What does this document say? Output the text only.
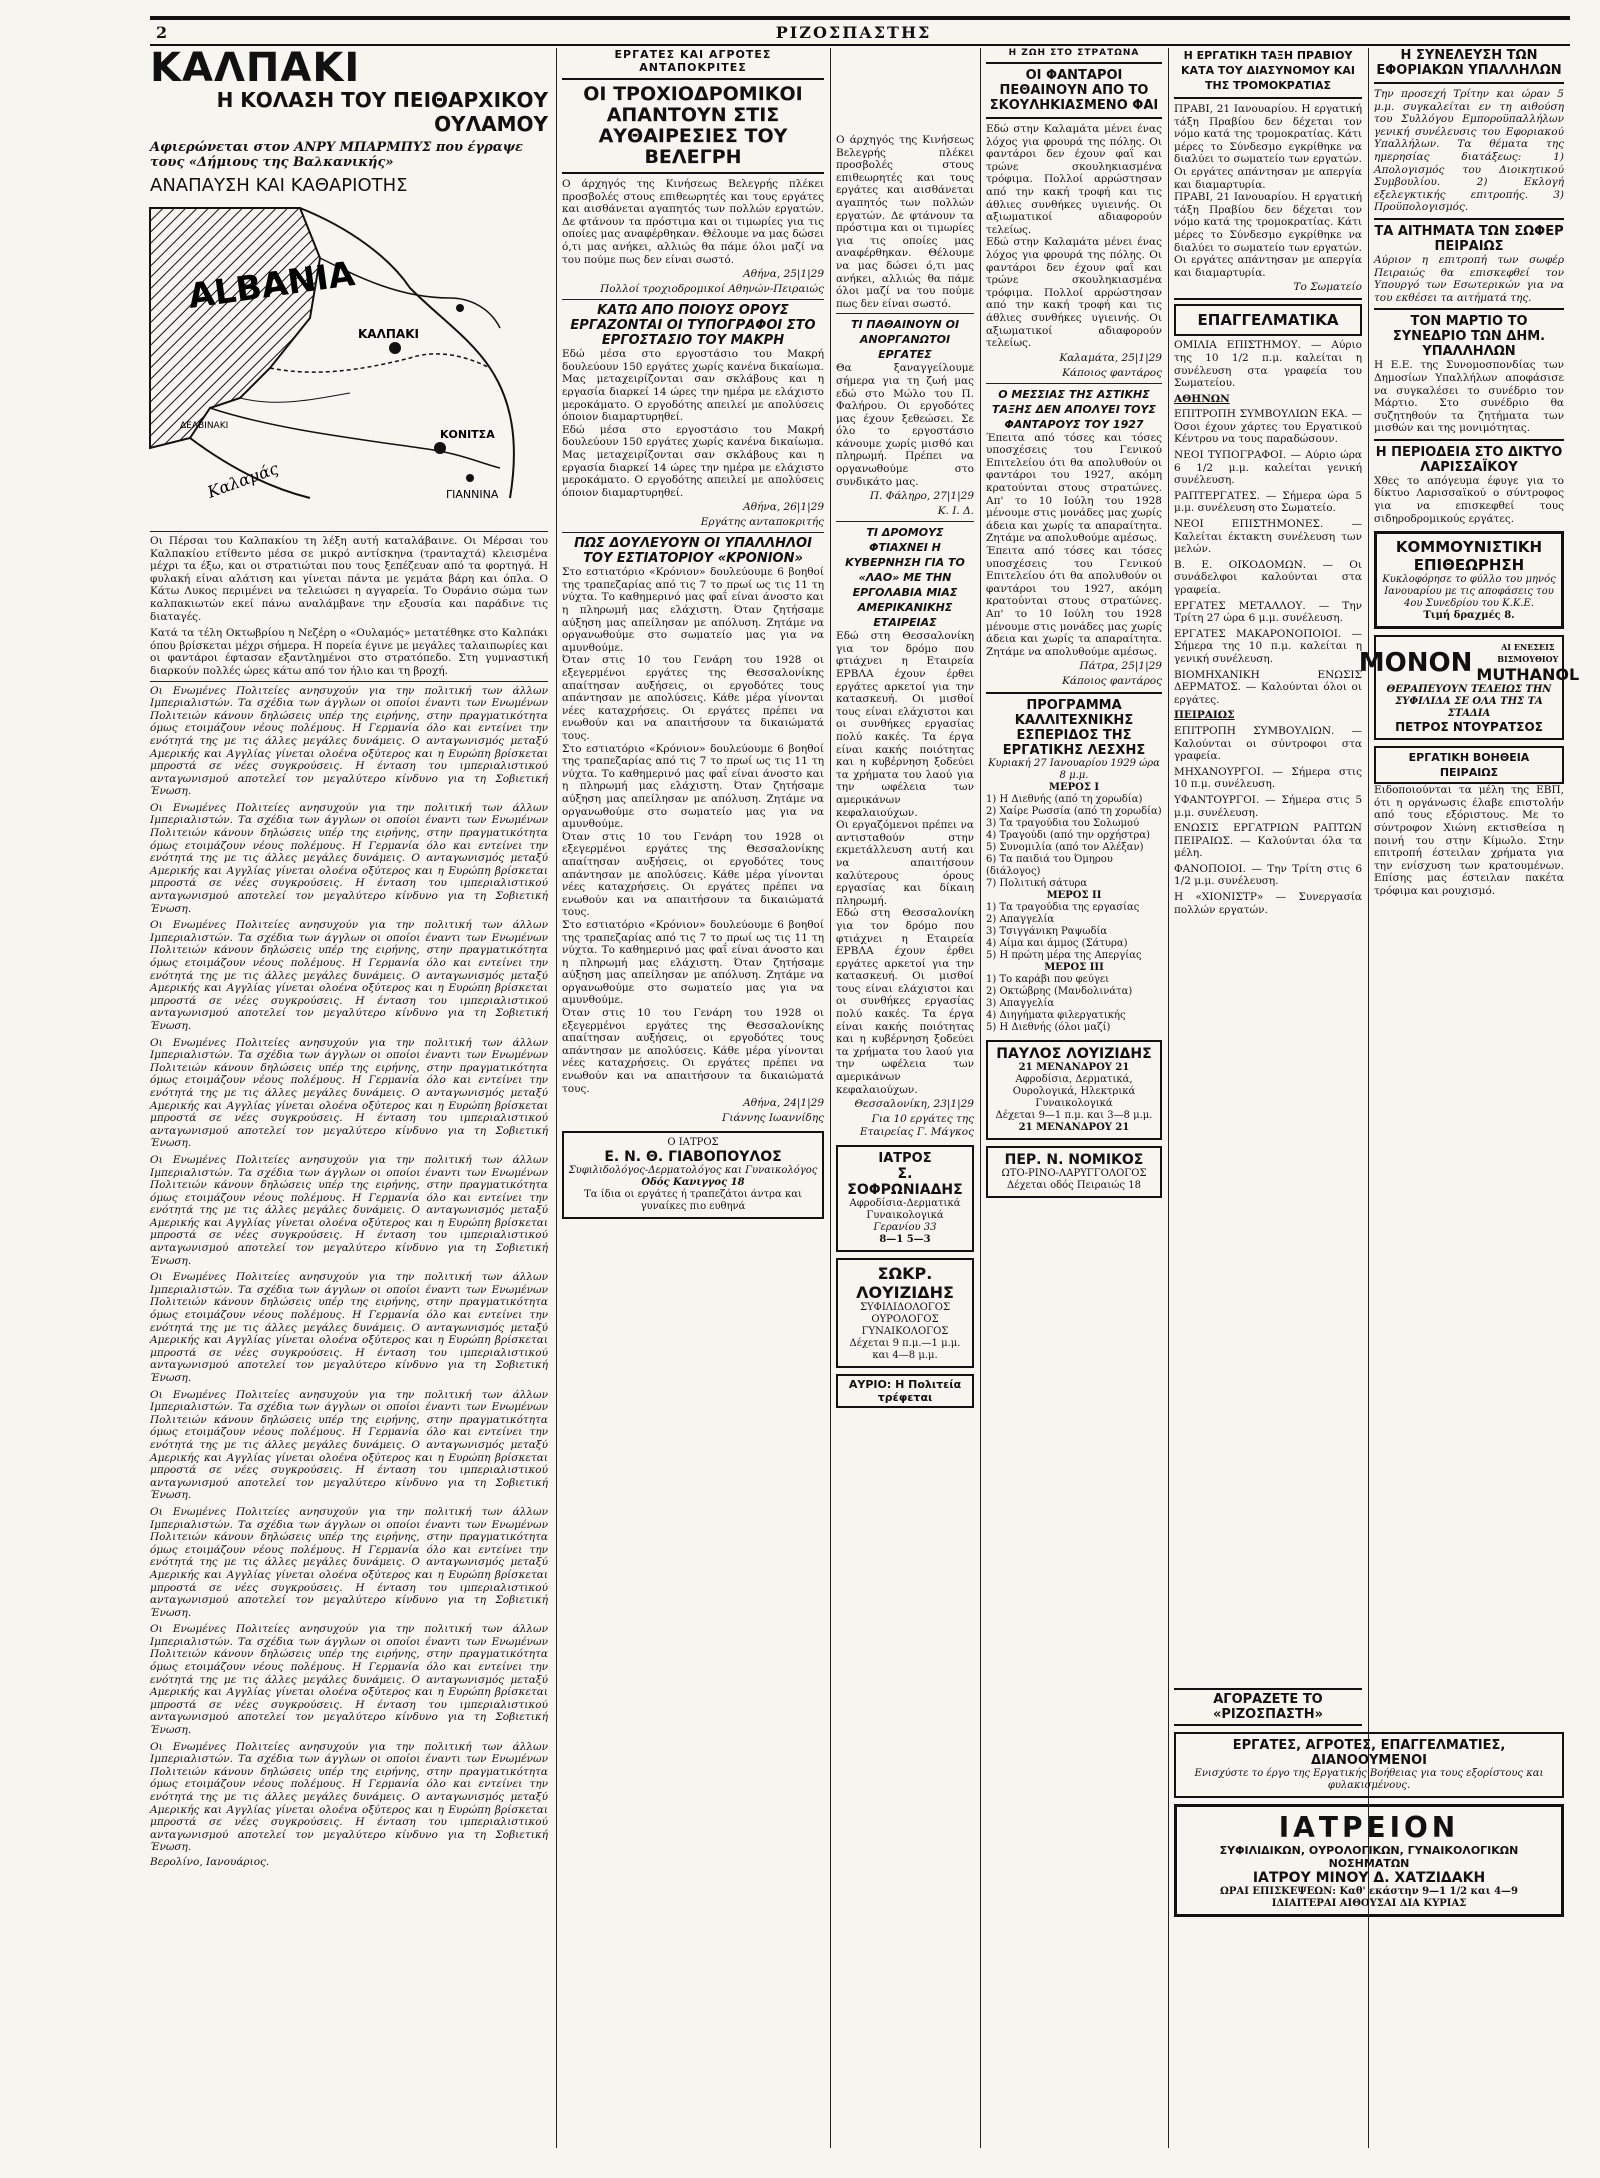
2	ΡΙΖΟΣΠΑΣΤΗΣ
ΚΑΛΠΑΚΙ
Η ΚΟΛΑΣΗ ΤΟΥ ΠΕΙΘΑΡΧΙΚΟΥ ΟΥΛΑΜΟΥ
Αφιερώνεται στον ΑΝΡΥ ΜΠΑΡΜΠΥΣ που έγραψε τους «Δήμιους της Βαλκανικής»
ΑΝΑΠΑΥΣΗ ΚΑΙ ΚΑΘΑΡΙΟΤΗΣ
ALBANIA
ΚΑΛΠΑΚΙ
ΚΟΝΙΤΣΑ
ΓΙΑΝΝΙΝΑ
Καλαμάς
ΔΕΛΒΙΝΑΚΙ

Οι Πέρσαι του Καλπακίου τη λέξη αυτή καταλάβαινε. Οι Μέρσαι του Καλπακίου ετίθεντο μέσα σε μικρό αντίσκηνα (τρανταχτά) κλεισμένα μέχρι τα έξω, και οι στρατιώται που τους ξεπέζευαν από τα φορτηγά. Η φυλακή είναι αλάτιση και γίνεται πάντα με γεμάτα βάρη και όπλα. Ο Κάτω Λυκος περιμένει να τελειώσει η αγγαρεία. Το Ουράνιο σώμα των καλπακιωτών εκεί πάνω αναλάμβανε την εξουσία και παράδινε τις διαταγές.

Κατά τα τέλη Οκτωβρίου η Νεζέρη ο «Ουλαμός» μετατέθηκε στο Καλπάκι όπου βρίσκεται μέχρι σήμερα. Η πορεία έγινε με μεγάλες ταλαιπωρίες και οι φαντάροι έφτασαν εξαντλημένοι στο στρατόπεδο. Στη γυμναστική διαρκούν πολλές ώρες κάτω από τον ήλιο και τη βροχή.

Οι Ενωμένες Πολιτείες ανησυχούν για την πολιτική των άλλων Ιμπεριαλιστών. Τα σχέδια των άγγλων οι οποίοι έναντι των Ενωμένων Πολιτειών κάνουν δηλώσεις υπέρ της ειρήνης, στην πραγματικότητα όμως ετοιμάζουν νέους πολέμους. Η Γερμανία όλο και εντείνει την ενότητά της με τις άλλες μεγάλες δυνάμεις. Ο ανταγωνισμός μεταξύ Αμερικής και Αγγλίας γίνεται ολοένα οξύτερος και η Ευρώπη βρίσκεται μπροστά σε νέες συγκρούσεις. Η ένταση του ιμπεριαλιστικού ανταγωνισμού αποτελεί τον μεγαλύτερο κίνδυνο για τη Σοβιετική Ένωση.

Οι Ενωμένες Πολιτείες ανησυχούν για την πολιτική των άλλων Ιμπεριαλιστών. Τα σχέδια των άγγλων οι οποίοι έναντι των Ενωμένων Πολιτειών κάνουν δηλώσεις υπέρ της ειρήνης, στην πραγματικότητα όμως ετοιμάζουν νέους πολέμους. Η Γερμανία όλο και εντείνει την ενότητά της με τις άλλες μεγάλες δυνάμεις. Ο ανταγωνισμός μεταξύ Αμερικής και Αγγλίας γίνεται ολοένα οξύτερος και η Ευρώπη βρίσκεται μπροστά σε νέες συγκρούσεις. Η ένταση του ιμπεριαλιστικού ανταγωνισμού αποτελεί τον μεγαλύτερο κίνδυνο για τη Σοβιετική Ένωση.

Οι Ενωμένες Πολιτείες ανησυχούν για την πολιτική των άλλων Ιμπεριαλιστών. Τα σχέδια των άγγλων οι οποίοι έναντι των Ενωμένων Πολιτειών κάνουν δηλώσεις υπέρ της ειρήνης, στην πραγματικότητα όμως ετοιμάζουν νέους πολέμους. Η Γερμανία όλο και εντείνει την ενότητά της με τις άλλες μεγάλες δυνάμεις. Ο ανταγωνισμός μεταξύ Αμερικής και Αγγλίας γίνεται ολοένα οξύτερος και η Ευρώπη βρίσκεται μπροστά σε νέες συγκρούσεις. Η ένταση του ιμπεριαλιστικού ανταγωνισμού αποτελεί τον μεγαλύτερο κίνδυνο για τη Σοβιετική Ένωση.

Οι Ενωμένες Πολιτείες ανησυχούν για την πολιτική των άλλων Ιμπεριαλιστών. Τα σχέδια των άγγλων οι οποίοι έναντι των Ενωμένων Πολιτειών κάνουν δηλώσεις υπέρ της ειρήνης, στην πραγματικότητα όμως ετοιμάζουν νέους πολέμους. Η Γερμανία όλο και εντείνει την ενότητά της με τις άλλες μεγάλες δυνάμεις. Ο ανταγωνισμός μεταξύ Αμερικής και Αγγλίας γίνεται ολοένα οξύτερος και η Ευρώπη βρίσκεται μπροστά σε νέες συγκρούσεις. Η ένταση του ιμπεριαλιστικού ανταγωνισμού αποτελεί τον μεγαλύτερο κίνδυνο για τη Σοβιετική Ένωση.

Οι Ενωμένες Πολιτείες ανησυχούν για την πολιτική των άλλων Ιμπεριαλιστών. Τα σχέδια των άγγλων οι οποίοι έναντι των Ενωμένων Πολιτειών κάνουν δηλώσεις υπέρ της ειρήνης, στην πραγματικότητα όμως ετοιμάζουν νέους πολέμους. Η Γερμανία όλο και εντείνει την ενότητά της με τις άλλες μεγάλες δυνάμεις. Ο ανταγωνισμός μεταξύ Αμερικής και Αγγλίας γίνεται ολοένα οξύτερος και η Ευρώπη βρίσκεται μπροστά σε νέες συγκρούσεις. Η ένταση του ιμπεριαλιστικού ανταγωνισμού αποτελεί τον μεγαλύτερο κίνδυνο για τη Σοβιετική Ένωση.

Οι Ενωμένες Πολιτείες ανησυχούν για την πολιτική των άλλων Ιμπεριαλιστών. Τα σχέδια των άγγλων οι οποίοι έναντι των Ενωμένων Πολιτειών κάνουν δηλώσεις υπέρ της ειρήνης, στην πραγματικότητα όμως ετοιμάζουν νέους πολέμους. Η Γερμανία όλο και εντείνει την ενότητά της με τις άλλες μεγάλες δυνάμεις. Ο ανταγωνισμός μεταξύ Αμερικής και Αγγλίας γίνεται ολοένα οξύτερος και η Ευρώπη βρίσκεται μπροστά σε νέες συγκρούσεις. Η ένταση του ιμπεριαλιστικού ανταγωνισμού αποτελεί τον μεγαλύτερο κίνδυνο για τη Σοβιετική Ένωση.

Οι Ενωμένες Πολιτείες ανησυχούν για την πολιτική των άλλων Ιμπεριαλιστών. Τα σχέδια των άγγλων οι οποίοι έναντι των Ενωμένων Πολιτειών κάνουν δηλώσεις υπέρ της ειρήνης, στην πραγματικότητα όμως ετοιμάζουν νέους πολέμους. Η Γερμανία όλο και εντείνει την ενότητά της με τις άλλες μεγάλες δυνάμεις. Ο ανταγωνισμός μεταξύ Αμερικής και Αγγλίας γίνεται ολοένα οξύτερος και η Ευρώπη βρίσκεται μπροστά σε νέες συγκρούσεις. Η ένταση του ιμπεριαλιστικού ανταγωνισμού αποτελεί τον μεγαλύτερο κίνδυνο για τη Σοβιετική Ένωση.

Οι Ενωμένες Πολιτείες ανησυχούν για την πολιτική των άλλων Ιμπεριαλιστών. Τα σχέδια των άγγλων οι οποίοι έναντι των Ενωμένων Πολιτειών κάνουν δηλώσεις υπέρ της ειρήνης, στην πραγματικότητα όμως ετοιμάζουν νέους πολέμους. Η Γερμανία όλο και εντείνει την ενότητά της με τις άλλες μεγάλες δυνάμεις. Ο ανταγωνισμός μεταξύ Αμερικής και Αγγλίας γίνεται ολοένα οξύτερος και η Ευρώπη βρίσκεται μπροστά σε νέες συγκρούσεις. Η ένταση του ιμπεριαλιστικού ανταγωνισμού αποτελεί τον μεγαλύτερο κίνδυνο για τη Σοβιετική Ένωση.

Οι Ενωμένες Πολιτείες ανησυχούν για την πολιτική των άλλων Ιμπεριαλιστών. Τα σχέδια των άγγλων οι οποίοι έναντι των Ενωμένων Πολιτειών κάνουν δηλώσεις υπέρ της ειρήνης, στην πραγματικότητα όμως ετοιμάζουν νέους πολέμους. Η Γερμανία όλο και εντείνει την ενότητά της με τις άλλες μεγάλες δυνάμεις. Ο ανταγωνισμός μεταξύ Αμερικής και Αγγλίας γίνεται ολοένα οξύτερος και η Ευρώπη βρίσκεται μπροστά σε νέες συγκρούσεις. Η ένταση του ιμπεριαλιστικού ανταγωνισμού αποτελεί τον μεγαλύτερο κίνδυνο για τη Σοβιετική Ένωση.

Οι Ενωμένες Πολιτείες ανησυχούν για την πολιτική των άλλων Ιμπεριαλιστών. Τα σχέδια των άγγλων οι οποίοι έναντι των Ενωμένων Πολιτειών κάνουν δηλώσεις υπέρ της ειρήνης, στην πραγματικότητα όμως ετοιμάζουν νέους πολέμους. Η Γερμανία όλο και εντείνει την ενότητά της με τις άλλες μεγάλες δυνάμεις. Ο ανταγωνισμός μεταξύ Αμερικής και Αγγλίας γίνεται ολοένα οξύτερος και η Ευρώπη βρίσκεται μπροστά σε νέες συγκρούσεις. Η ένταση του ιμπεριαλιστικού ανταγωνισμού αποτελεί τον μεγαλύτερο κίνδυνο για τη Σοβιετική Ένωση.

Βερολίνο, Ιανουάριος.
ΕΡΓΑΤΕΣ ΚΑΙ ΑΓΡΟΤΕΣ ΑΝΤΑΠΟΚΡΙΤΕΣ
ΟΙ ΤΡΟΧΙΟΔΡΟΜΙΚΟΙ ΑΠΑΝΤΟΥΝ ΣΤΙΣ ΑΥΘΑΙΡΕΣΙΕΣ ΤΟΥ ΒΕΛΕΓΡΗ

Ο άρχηγός της Κινήσεως Βελεγρής πλέκει προσβολές στους επιθεωρητές και τους εργάτες και αισθάνεται αγαπητός των πολλών εργατών. Δε φτάνουν τα πρόστιμα και οι τιμωρίες για τις οποίες μας αναφέρθηκαν. Θέλουμε να μας δώσει ό,τι μας ανήκει, αλλιώς θα πάμε όλοι μαζί να του πούμε πως δεν είναι σωστό.

Αθήνα, 25|1|29
Πολλοί τροχιοδρομικοί Αθηνών-Πειραιώς
ΚΑΤΩ ΑΠΟ ΠΟΙΟΥΣ ΟΡΟΥΣ ΕΡΓΑΖΟΝΤΑΙ ΟΙ ΤΥΠΟΓΡΑΦΟΙ ΣΤΟ ΕΡΓΟΣΤΑΣΙΟ ΤΟΥ ΜΑΚΡΗ

Εδώ μέσα στο εργοστάσιο του Μακρή δουλεύουν 150 εργάτες χωρίς κανένα δικαίωμα. Μας μεταχειρίζονται σαν σκλάβους και η εργασία διαρκεί 14 ώρες την ημέρα με ελάχιστο μεροκάματο. Ο εργοδότης απειλεί με απολύσεις όποιον διαμαρτυρηθεί.

Εδώ μέσα στο εργοστάσιο του Μακρή δουλεύουν 150 εργάτες χωρίς κανένα δικαίωμα. Μας μεταχειρίζονται σαν σκλάβους και η εργασία διαρκεί 14 ώρες την ημέρα με ελάχιστο μεροκάματο. Ο εργοδότης απειλεί με απολύσεις όποιον διαμαρτυρηθεί.

Αθήνα, 26|1|29
Εργάτης ανταποκριτής
ΠΩΣ ΔΟΥΛΕΥΟΥΝ ΟΙ ΥΠΑΛΛΗΛΟΙ ΤΟΥ ΕΣΤΙΑΤΟΡΙΟΥ «ΚΡΟΝΙΟΝ»

Στο εστιατόριο «Κρόνιον» δουλεύουμε 6 βοηθοί της τραπεζαρίας από τις 7 το πρωί ως τις 11 τη νύχτα. Το καθημερινό μας φαΐ είναι άνοστο και η πληρωμή μας ελάχιστη. Όταν ζητήσαμε αύξηση μας απείλησαν με απόλυση. Ζητάμε να οργανωθούμε στο σωματείο μας για να αμυνθούμε.

Όταν στις 10 του Γενάρη του 1928 οι εξεγερμένοι εργάτες της Θεσσαλονίκης απαίτησαν αυξήσεις, οι εργοδότες τους απάντησαν με απολύσεις. Κάθε μέρα γίνονται νέες καταχρήσεις. Οι εργάτες πρέπει να ενωθούν και να απαιτήσουν τα δικαιώματά τους.

Στο εστιατόριο «Κρόνιον» δουλεύουμε 6 βοηθοί της τραπεζαρίας από τις 7 το πρωί ως τις 11 τη νύχτα. Το καθημερινό μας φαΐ είναι άνοστο και η πληρωμή μας ελάχιστη. Όταν ζητήσαμε αύξηση μας απείλησαν με απόλυση. Ζητάμε να οργανωθούμε στο σωματείο μας για να αμυνθούμε.

Όταν στις 10 του Γενάρη του 1928 οι εξεγερμένοι εργάτες της Θεσσαλονίκης απαίτησαν αυξήσεις, οι εργοδότες τους απάντησαν με απολύσεις. Κάθε μέρα γίνονται νέες καταχρήσεις. Οι εργάτες πρέπει να ενωθούν και να απαιτήσουν τα δικαιώματά τους.

Στο εστιατόριο «Κρόνιον» δουλεύουμε 6 βοηθοί της τραπεζαρίας από τις 7 το πρωί ως τις 11 τη νύχτα. Το καθημερινό μας φαΐ είναι άνοστο και η πληρωμή μας ελάχιστη. Όταν ζητήσαμε αύξηση μας απείλησαν με απόλυση. Ζητάμε να οργανωθούμε στο σωματείο μας για να αμυνθούμε.

Όταν στις 10 του Γενάρη του 1928 οι εξεγερμένοι εργάτες της Θεσσαλονίκης απαίτησαν αυξήσεις, οι εργοδότες τους απάντησαν με απολύσεις. Κάθε μέρα γίνονται νέες καταχρήσεις. Οι εργάτες πρέπει να ενωθούν και να απαιτήσουν τα δικαιώματά τους.

Αθήνα, 24|1|29
Γιάννης Ιωαννίδης
Ο ΙΑΤΡΟΣ
Ε. Ν. Θ. ΓΙΑΒΟΠΟΥΛΟΣ
Συφιλιδολόγος-Δερματολόγος και Γυναικολόγος
Οδός Κανιγγος 18
Τα ίδια οι εργάτες ή τραπεζάτοι άντρα και γυναίκες πιο ευθηνά

Ο άρχηγός της Κινήσεως Βελεγρής πλέκει προσβολές στους επιθεωρητές και τους εργάτες και αισθάνεται αγαπητός των πολλών εργατών. Δε φτάνουν τα πρόστιμα και οι τιμωρίες για τις οποίες μας αναφέρθηκαν. Θέλουμε να μας δώσει ό,τι μας ανήκει, αλλιώς θα πάμε όλοι μαζί να του πούμε πως δεν είναι σωστό.

ΤΙ ΠΑΘΑΙΝΟΥΝ ΟΙ ΑΝΟΡΓΑΝΩΤΟΙ ΕΡΓΑΤΕΣ

Θα ξαναγγείλουμε σήμερα για τη ζωή μας εδώ στο Μώλο του Π. Φαλήρου. Οι εργοδότες μας έχουν ξεθεώσει. Σε όλο το εργοστάσιο κάνουμε χωρίς μισθό και πληρωμή. Πρέπει να οργανωθούμε στο συνδικάτο μας.

Π. Φάληρο, 27|1|29
Κ. Ι. Δ.
ΤΙ ΔΡΟΜΟΥΣ ΦΤΙΑΧΝΕΙ Η ΚΥΒΕΡΝΗΣΗ ΓΙΑ ΤΟ «ΛΑΟ» ΜΕ ΤΗΝ ΕΡΓΟΛΑΒΙΑ ΜΙΑΣ ΑΜΕΡΙΚΑΝΙΚΗΣ ΕΤΑΙΡΕΙΑΣ

Εδώ στη Θεσσαλονίκη για τον δρόμο που φτιάχνει η Εταιρεία ΕΡΒΛΑ έχουν έρθει εργάτες αρκετοί για την κατασκευή. Οι μισθοί τους είναι ελάχιστοι και οι συνθήκες εργασίας πολύ κακές. Τα έργα είναι κακής ποιότητας και η κυβέρνηση ξοδεύει τα χρήματα του λαού για την ωφέλεια των αμερικάνων κεφαλαιούχων.

Οι εργαζόμενοι πρέπει να αντισταθούν στην εκμετάλλευση αυτή και να απαιτήσουν καλύτερους όρους εργασίας και δίκαιη πληρωμή.

Εδώ στη Θεσσαλονίκη για τον δρόμο που φτιάχνει η Εταιρεία ΕΡΒΛΑ έχουν έρθει εργάτες αρκετοί για την κατασκευή. Οι μισθοί τους είναι ελάχιστοι και οι συνθήκες εργασίας πολύ κακές. Τα έργα είναι κακής ποιότητας και η κυβέρνηση ξοδεύει τα χρήματα του λαού για την ωφέλεια των αμερικάνων κεφαλαιούχων.

Θεσσαλονίκη, 23|1|29
Για 10 εργάτες της Εταιρείας Γ. Μάγκος
ΙΑΤΡΟΣ
Σ. ΣΟΦΡΩΝΙΑΔΗΣ
Αφροδίσια-Δερματικά Γυναικολογικά
Γερανίου 33
8—1 5—3
ΣΩΚΡ. ΛΟΥΙΖΙΔΗΣ
ΣΥΦΙΛΙΔΟΛΟΓΟΣ ΟΥΡΟΛΟΓΟΣ ΓΥΝΑΙΚΟΛΟΓΟΣ
Δέχεται 9 π.μ.—1 μ.μ. και 4—8 μ.μ.
ΑΥΡΙΟ: Η Πολιτεία τρέφεται
Η ΖΩΗ ΣΤΟ ΣΤΡΑΤΩΝΑ
ΟΙ ΦΑΝΤΑΡΟΙ ΠΕΘΑΙΝΟΥΝ ΑΠΟ ΤΟ ΣΚΟΥΛΗΚΙΑΣΜΕΝΟ ΦΑΙ

Εδώ στην Καλαμάτα μένει ένας λόχος για φρουρά της πόλης. Οι φαντάροι δεν έχουν φαΐ και τρώνε σκουληκιασμένα τρόφιμα. Πολλοί αρρώστησαν από την κακή τροφή και τις άθλιες συνθήκες υγιεινής. Οι αξιωματικοί αδιαφορούν τελείως.

Εδώ στην Καλαμάτα μένει ένας λόχος για φρουρά της πόλης. Οι φαντάροι δεν έχουν φαΐ και τρώνε σκουληκιασμένα τρόφιμα. Πολλοί αρρώστησαν από την κακή τροφή και τις άθλιες συνθήκες υγιεινής. Οι αξιωματικοί αδιαφορούν τελείως.

Καλαμάτα, 25|1|29
Κάποιος φαντάρος
Ο ΜΕΣΣΙΑΣ ΤΗΣ ΑΣΤΙΚΗΣ ΤΑΞΗΣ ΔΕΝ ΑΠΟΛΥΕΙ ΤΟΥΣ ΦΑΝΤΑΡΟΥΣ ΤΟΥ 1927

Έπειτα από τόσες και τόσες υποσχέσεις του Γενικού Επιτελείου ότι θα απολυθούν οι φαντάροι του 1927, ακόμη κρατούνται στους στρατώνες. Απ' το 10 Ιούλη του 1928 μένουμε στις μονάδες μας χωρίς άδεια και χωρίς τα απαραίτητα. Ζητάμε να απολυθούμε αμέσως.

Έπειτα από τόσες και τόσες υποσχέσεις του Γενικού Επιτελείου ότι θα απολυθούν οι φαντάροι του 1927, ακόμη κρατούνται στους στρατώνες. Απ' το 10 Ιούλη του 1928 μένουμε στις μονάδες μας χωρίς άδεια και χωρίς τα απαραίτητα. Ζητάμε να απολυθούμε αμέσως.

Πάτρα, 25|1|29
Κάποιος φαντάρος
ΠΡΟΓΡΑΜΜΑ ΚΑΛΛΙΤΕΧΝΙΚΗΣ ΕΣΠΕΡΙΔΟΣ ΤΗΣ ΕΡΓΑΤΙΚΗΣ ΛΕΣΧΗΣ
Κυριακή 27 Ιανουαρίου 1929 ώρα 8 μ.μ.
ΜΕΡΟΣ Ι
1) Η Διεθνής (από τη χορωδία)
2) Χαίρε Ρωσσία (από τη χορωδία)
3) Τα τραγούδια του Σολωμού
4) Τραγούδι (από την ορχήστρα)
5) Συνομιλία (από τον Αλέξαν)
6) Τα παιδιά του Όμηρου (διάλογος)
7) Πολιτική σάτυρα
ΜΕΡΟΣ ΙΙ
1) Τα τραγούδια της εργασίας
2) Απαγγελία
3) Τσιγγάνικη Ραψωδία
4) Αίμα και άμμος (Σάτυρα)
5) Η πρώτη μέρα της Απεργίας
ΜΕΡΟΣ ΙΙΙ
1) Το καράβι που φεύγει
2) Οκτώβρης (Μανδολινάτα)
3) Απαγγελία
4) Διηγήματα φιλεργατικής
5) Η Διεθνής (όλοι μαζί)
ΠΑΥΛΟΣ ΛΟΥΙΖΙΔΗΣ
21 ΜΕΝΑΝΔΡΟΥ 21
Αφροδίσια, Δερματικά, Ουρολογικά, Ηλεκτρικά Γυναικολογικά
Δέχεται 9—1 π.μ. και 3—8 μ.μ.
21 ΜΕΝΑΝΔΡΟΥ 21
ΠΕΡ. Ν. ΝΟΜΙΚΟΣ
ΩΤΟ-ΡΙΝΟ-ΛΑΡΥΓΓΟΛΟΓΟΣ
Δέχεται οδός Πειραιώς 18
Η ΕΡΓΑΤΙΚΗ ΤΑΞΗ ΠΡΑΒΙΟΥ ΚΑΤΑ ΤΟΥ ΔΙΑΣΥΝΟΜΟΥ ΚΑΙ ΤΗΣ ΤΡΟΜΟΚΡΑΤΙΑΣ

ΠΡΑΒΙ, 21 Ιανουαρίου. Η εργατική τάξη Πραβίου δεν δέχεται τον νόμο κατά της τρομοκρατίας. Κάτι μέρες το Σύνδεσμο εγκρίθηκε να διαλύει το σωματείο των εργατών. Οι εργάτες απάντησαν με απεργία και διαμαρτυρία.

ΠΡΑΒΙ, 21 Ιανουαρίου. Η εργατική τάξη Πραβίου δεν δέχεται τον νόμο κατά της τρομοκρατίας. Κάτι μέρες το Σύνδεσμο εγκρίθηκε να διαλύει το σωματείο των εργατών. Οι εργάτες απάντησαν με απεργία και διαμαρτυρία.

Το Σωματείο
ΕΠΑΓΓΕΛΜΑΤΙΚΑ

ΟΜΙΛΙΑ ΕΠΙΣΤΗΜΟΥ. — Αύριο της 10 1/2 π.μ. καλείται η συνέλευση στα γραφεία του Σωματείου.

ΑΘΗΝΩΝ

ΕΠΙΤΡΟΠΗ ΣΥΜΒΟΥΛΙΩΝ ΕΚΑ. — Όσοι έχουν χάρτες του Εργατικού Κέντρου να τους παραδώσουν.

ΝΕΟΙ ΤΥΠΟΓΡΑΦΟΙ. — Αύριο ώρα 6 1/2 μ.μ. καλείται γενική συνέλευση.

ΡΑΠΤΕΡΓΑΤΕΣ. — Σήμερα ώρα 5 μ.μ. συνέλευση στο Σωματείο.

ΝΕΟΙ ΕΠΙΣΤΗΜΟΝΕΣ. — Καλείται έκτακτη συνέλευση των μελών.

Β. Ε. ΟΙΚΟΔΟΜΩΝ. — Οι συνάδελφοι καλούνται στα γραφεία.

ΕΡΓΑΤΕΣ ΜΕΤΑΛΛΟΥ. — Την Τρίτη 27 ώρα 6 μ.μ. συνέλευση.

ΕΡΓΑΤΕΣ ΜΑΚΑΡΟΝΟΠΟΙΟΙ. — Σήμερα της 10 π.μ. καλείται η γενική συνέλευση.

ΒΙΟΜΗΧΑΝΙΚΗ ΕΝΩΣΙΣ ΔΕΡΜΑΤΟΣ. — Καλούνται όλοι οι εργάτες.

ΠΕΙΡΑΙΩΣ

ΕΠΙΤΡΟΠΗ ΣΥΜΒΟΥΛΙΩΝ. — Καλούνται οι σύντροφοι στα γραφεία.

ΜΗΧΑΝΟΥΡΓΟΙ. — Σήμερα στις 10 π.μ. συνέλευση.

ΥΦΑΝΤΟΥΡΓΟΙ. — Σήμερα στις 5 μ.μ. συνέλευση.

ΕΝΩΣΙΣ ΕΡΓΑΤΡΙΩΝ ΡΑΠΤΩΝ ΠΕΙΡΑΙΩΣ. — Καλούνται όλα τα μέλη.

ΦΑΝΟΠΟΙΟΙ. — Την Τρίτη στις 6 1/2 μ.μ. συνέλευση.

Η «ΧΙΟΝΙΣΤΡ» — Συνεργασία πολλών εργατών.

ΑΓΟΡΑΖΕΤΕ ΤΟ «ΡΙΖΟΣΠΑΣΤΗ»
ΕΡΓΑΤΕΣ, ΑΓΡΟΤΕΣ, ΕΠΑΓΓΕΛΜΑΤΙΕΣ, ΔΙΑΝΟΟΥΜΕΝΟΙ
Ενισχύστε το έργο της Εργατικής Βοήθειας για τους εξορίστους και φυλακισμένους.
ΙΑΤΡΕΙΟΝ
ΣΥΦΙΛΙΔΙΚΩΝ, ΟΥΡΟΛΟΓΙΚΩΝ, ΓΥΝΑΙΚΟΛΟΓΙΚΩΝ ΝΟΣΗΜΑΤΩΝ
ΙΑΤΡΟΥ ΜΙΝΟΥ Δ. ΧΑΤΖΙΔΑΚΗ
ΩΡΑΙ ΕΠΙΣΚΕΨΕΩΝ: Καθ' εκάστην 9—1 1/2 και 4—9
ΙΔΙΑΙΤΕΡΑΙ ΑΙΘΟΥΣΑΙ ΔΙΑ ΚΥΡΙΑΣ
Η ΣΥΝΕΛΕΥΣΗ ΤΩΝ ΕΦΟΡΙΑΚΩΝ ΥΠΑΛΛΗΛΩΝ

Την προσεχή Τρίτην και ώραν 5 μ.μ. συγκαλείται εν τη αιθούση του Συλλόγου Εμποροϋπαλλήλων γενική συνέλευσις του Εφοριακού Υπαλλήλων. Τα θέματα της ημερησίας διατάξεως: 1) Απολογισμός του Διοικητικού Συμβουλίου. 2) Εκλογή εξελεγκτικής επιτροπής. 3) Προϋπολογισμός.

ΤΑ ΑΙΤΗΜΑΤΑ ΤΩΝ ΣΩΦΕΡ ΠΕΙΡΑΙΩΣ

Αύριον η επιτροπή των σωφέρ Πειραιώς θα επισκεφθεί τον Υπουργό των Εσωτερικών για να του εκθέσει τα αιτήματά της.

ΤΟΝ ΜΑΡΤΙΟ ΤΟ ΣΥΝΕΔΡΙΟ ΤΩΝ ΔΗΜ. ΥΠΑΛΛΗΛΩΝ

Η Ε.Ε. της Συνομοσπονδίας των Δημοσίων Υπαλλήλων αποφάσισε να συγκαλέσει το συνέδριο τον Μάρτιο. Στο συνέδριο θα συζητηθούν τα ζητήματα των μισθών και της μονιμότητας.

Η ΠΕΡΙΟΔΕΙΑ ΣΤΟ ΔΙΚΤΥΟ ΛΑΡΙΣΣΑΪΚΟΥ

Χθες το απόγευμα έφυγε για το δίκτυο Λαρισσαϊκού ο σύντροφος για να επισκεφθεί τους σιδηροδρομικούς εργάτες.

ΚΟΜΜΟΥΝΙΣΤΙΚΗ ΕΠΙΘΕΩΡΗΣΗ
Κυκλοφόρησε το φύλλο του μηνός Ιανουαρίου με τις αποφάσεις του 4ου Συνεδρίου του Κ.Κ.Ε.
Τιμή δραχμές 8.
ΜΟΝΟΝ
ΑΙ ΕΝΕΣΕΙΣ ΒΙΣΜΟΥΘΙΟΥ
MUTHANOL
ΘΕΡΑΠΕΥΟΥΝ ΤΕΛΕΙΩΣ ΤΗΝ ΣΥΦΙΛΙΔΑ ΣΕ ΟΛΑ ΤΗΣ ΤΑ ΣΤΑΔΙΑ
ΠΕΤΡΟΣ ΝΤΟΥΡΑΤΣΟΣ
ΕΡΓΑΤΙΚΗ ΒΟΗΘΕΙΑ ΠΕΙΡΑΙΩΣ

Ειδοποιούνται τα μέλη της ΕΒΠ, ότι η οργάνωσις έλαβε επιστολήν από τους εξόριστους. Με το σύντροφον Χιώνη εκτισθείσα η ποινή του στην Κίμωλο. Στην επιτροπή έστειλαν χρήματα για την ενίσχυση των κρατουμένων. Επίσης μας έστειλαν πακέτα τρόφιμα και ρουχισμό.
